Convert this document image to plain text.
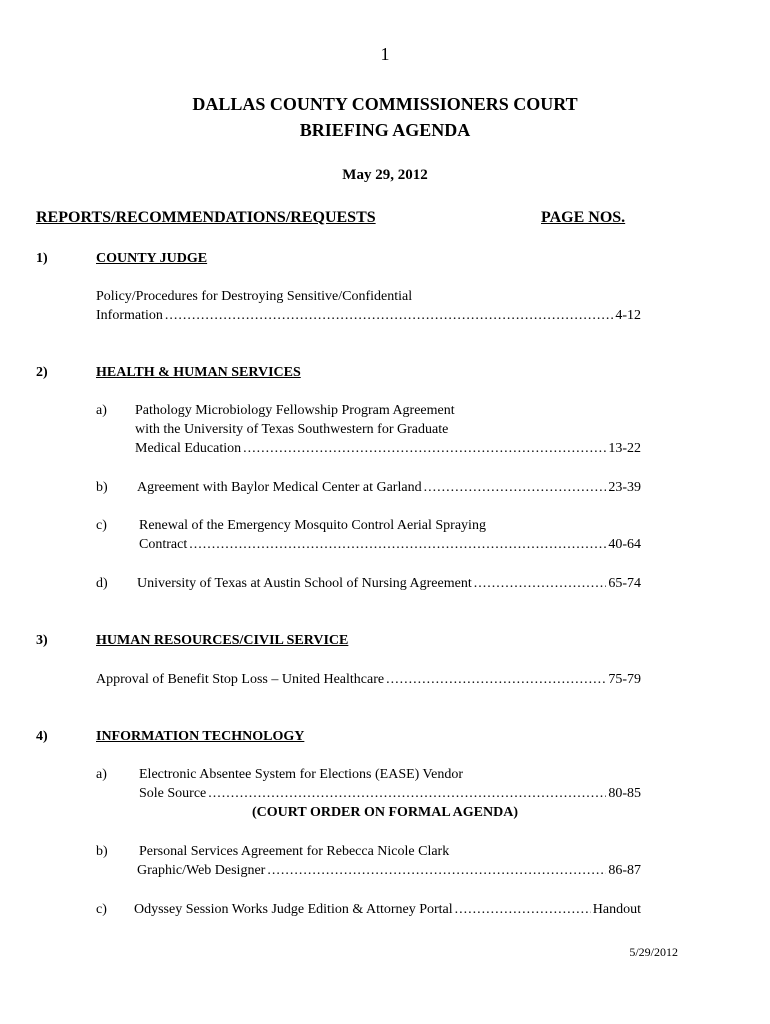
1
DALLAS COUNTY COMMISSIONERS COURT
BRIEFING AGENDA
May 29, 2012
REPORTS/RECOMMENDATIONS/REQUESTS	PAGE NOS.
1)	COUNTY JUDGE
Policy/Procedures for Destroying Sensitive/Confidential
Information .....	4-12
2)	HEALTH & HUMAN SERVICES
a) Pathology Microbiology Fellowship Program Agreement
with the University of Texas Southwestern for Graduate
Medical Education .....	13-22
b) Agreement with Baylor Medical Center at Garland .....	23-39
c) Renewal of the Emergency Mosquito Control Aerial Spraying
Contract .....	40-64
d) University of Texas at Austin School of Nursing Agreement .....	65-74
3)	HUMAN RESOURCES/CIVIL SERVICE
Approval of Benefit Stop Loss – United Healthcare .....	75-79
4)	INFORMATION TECHNOLOGY
a) Electronic Absentee System for Elections (EASE) Vendor
Sole Source .....	80-85
(COURT ORDER ON FORMAL AGENDA)
b) Personal Services Agreement for Rebecca Nicole Clark
Graphic/Web Designer .....	86-87
c) Odyssey Session Works Judge Edition & Attorney Portal .....	Handout
5/29/2012
